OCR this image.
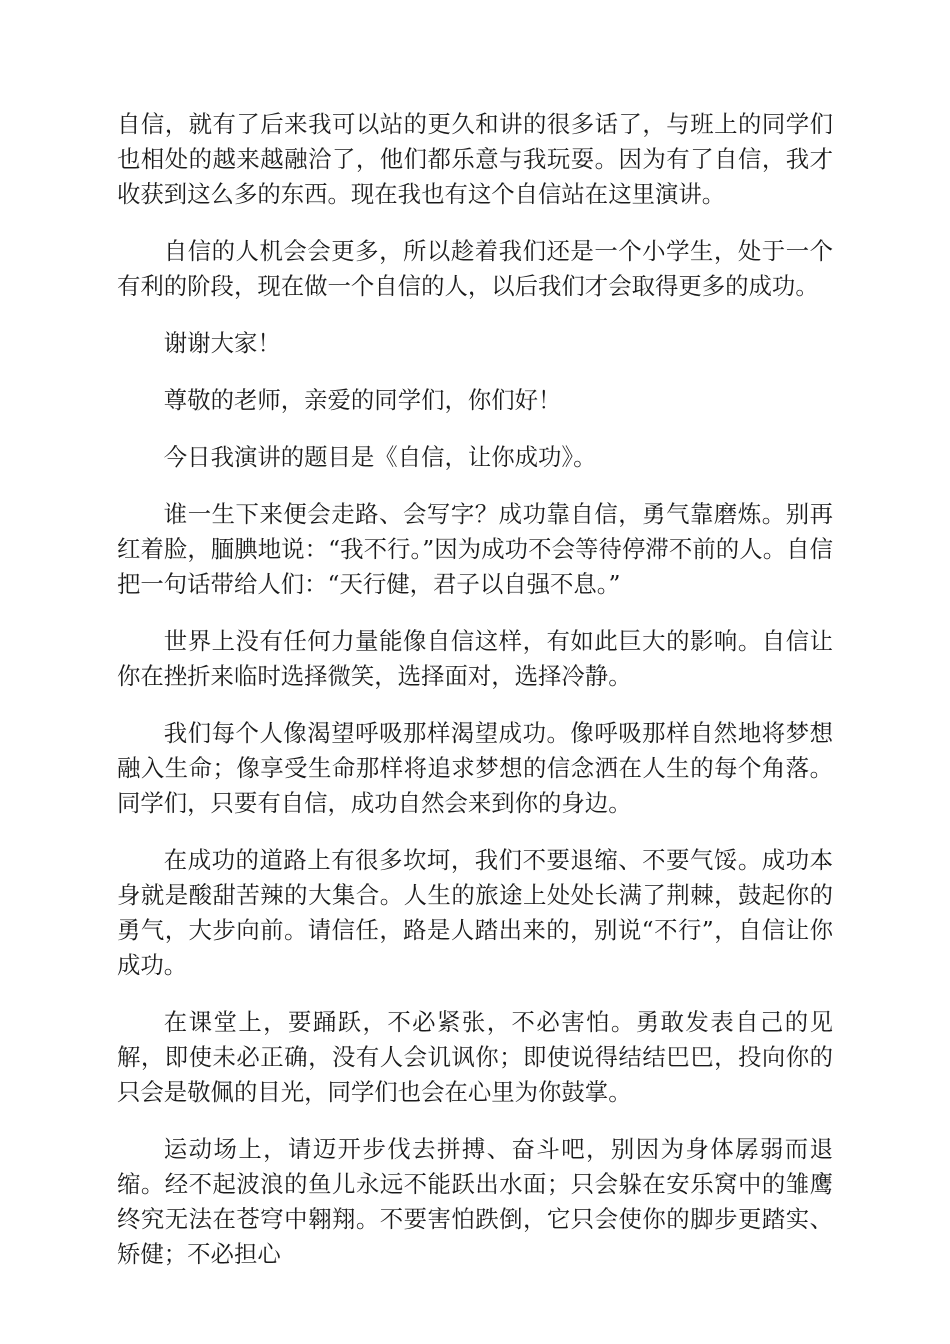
自信，就有了后来我可以站的更久和讲的很多话了，与班上的同学们也相处的越来越融洽了，他们都乐意与我玩耍。因为有了自信，我才收获到这么多的东西。现在我也有这个自信站在这里演讲。

自信的人机会会更多，所以趁着我们还是一个小学生，处于一个有利的阶段，现在做一个自信的人，以后我们才会取得更多的成功。

谢谢大家！

尊敬的老师，亲爱的同学们，你们好！

今日我演讲的题目是《自信，让你成功》。

谁一生下来便会走路、会写字？成功靠自信，勇气靠磨炼。别再红着脸，腼腆地说：“我不行。”因为成功不会等待停滞不前的人。自信把一句话带给人们：“天行健，君子以自强不息。”

世界上没有任何力量能像自信这样，有如此巨大的影响。自信让你在挫折来临时选择微笑，选择面对，选择冷静。

我们每个人像渴望呼吸那样渴望成功。像呼吸那样自然地将梦想融入生命；像享受生命那样将追求梦想的信念洒在人生的每个角落。同学们，只要有自信，成功自然会来到你的身边。

在成功的道路上有很多坎坷，我们不要退缩、不要气馁。成功本身就是酸甜苦辣的大集合。人生的旅途上处处长满了荆棘，鼓起你的勇气，大步向前。请信任，路是人踏出来的，别说“不行”，自信让你成功。

在课堂上，要踊跃，不必紧张，不必害怕。勇敢发表自己的见解，即使未必正确，没有人会讥讽你；即使说得结结巴巴，投向你的只会是敬佩的目光，同学们也会在心里为你鼓掌。

运动场上，请迈开步伐去拼搏、奋斗吧，别因为身体孱弱而退缩。经不起波浪的鱼儿永远不能跃出水面；只会躲在安乐窝中的雏鹰终究无法在苍穹中翱翔。不要害怕跌倒，它只会使你的脚步更踏实、矫健；不必担心
